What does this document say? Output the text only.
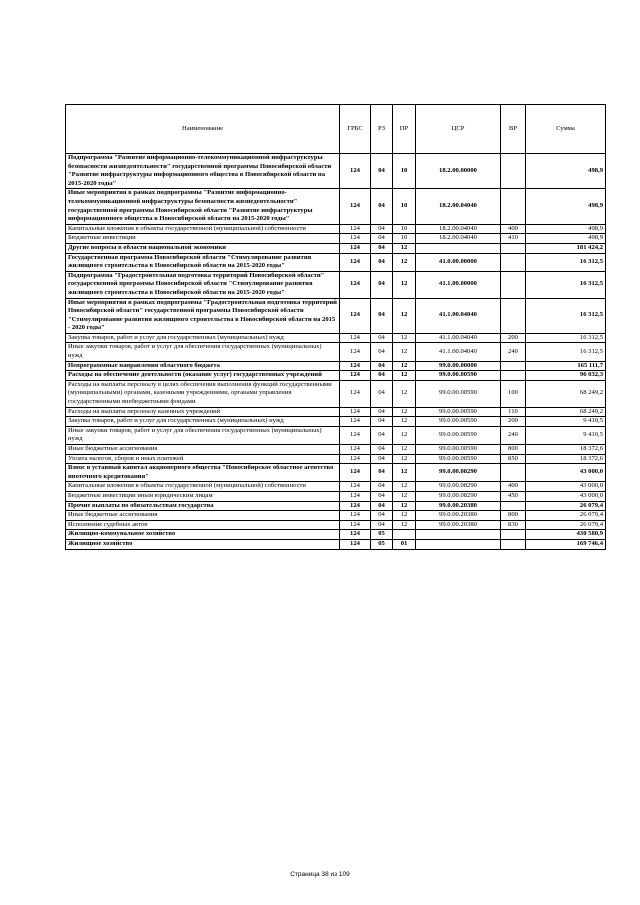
Наименование	ГРБС	РЗ	ПР	ЦСР	ВР	Сумма
Подпрограмма "Развитие информационно-телекоммуникационной инфраструктуры безопасности жизнедеятельности" государственной программы Новосибирской области "Развитие инфраструктуры информационного общества в Новосибирской области на 2015-2020 годы"	124	04	10	18.2.00.00000		498,9
Иные мероприятия в рамках подпрограммы "Развитие информационно-телекоммуникационной инфраструктуры безопасности жизнедеятельности" государственной программы Новосибирской области "Развитие инфраструктуры информационного общества в Новосибирской области на 2015-2020 годы"	124	04	10	18.2.00.04040		498,9
Капитальные вложения в объекты государственной (муниципальной) собственности	124	04	10	18.2.00.04040	400	498,9
Бюджетные инвестиции	124	04	10	18.2.00.04040	410	498,9
Другие вопросы в области национальной экономики	124	04	12			181 424,2
Государственная программа Новосибирской области "Стимулирование развития жилищного строительства в Новосибирской области на 2015-2020 годы"	124	04	12	41.0.00.00000		16 312,5
Подпрограмма "Градостроительная подготовка территорий Новосибирской области" государственной программы Новосибирской области "Стимулирование развития жилищного строительства в Новосибирской области на 2015-2020 годы"	124	04	12	41.1.00.00000		16 312,5
Иные мероприятия в рамках подпрограммы "Градостроительная подготовка территорий Новосибирской области" государственной программы Новосибирской области "Стимулирование развития жилищного строительства в Новосибирской области на 2015 - 2020 годы"	124	04	12	41.1.00.04040		16 312,5
Закупка товаров, работ и услуг для государственных (муниципальных) нужд	124	04	12	41.1.00.04040	200	16 312,5
Иные закупки товаров, работ и услуг для обеспечения государственных (муниципальных) нужд	124	04	12	41.1.00.04040	240	16 312,5
Непрограммные направления областного бюджета	124	04	12	99.0.00.00000		165 111,7
Расходы на обеспечение деятельности (оказание услуг) государственных учреждений	124	04	12	99.0.00.00590		96 032,3
Расходы на выплаты персоналу в целях обеспечения выполнения функций государственными (муниципальными) органами, казенными учреждениями, органами управления государственными внебюджетными фондами	124	04	12	99.0.00.00590	100	68 249,2
Расходы на выплаты персоналу казенных учреждений	124	04	12	99.0.00.00590	110	68 249,2
Закупка товаров, работ и услуг для государственных (муниципальных) нужд	124	04	12	99.0.00.00590	200	9 410,5
Иные закупки товаров, работ и услуг для обеспечения государственных (муниципальных) нужд	124	04	12	99.0.00.00590	240	9 410,5
Иные бюджетные ассигнования	124	04	12	99.0.00.00590	800	18 372,6
Уплата налогов, сборов и иных платежей	124	04	12	99.0.00.00590	850	18 372,6
Взнос в уставный капитал акционерного общества "Новосибирское областное агентство ипотечного кредитования"	124	04	12	99.0.00.08290		43 000,0
Капитальные вложения в объекты государственной (муниципальной) собственности	124	04	12	99.0.00.08290	400	43 000,0
Бюджетные инвестиции иным юридическим лицам	124	04	12	99.0.00.08290	450	43 000,0
Прочие выплаты по обязательствам государства	124	04	12	99.0.00.20380		26 079,4
Иные бюджетные ассигнования	124	04	12	99.0.00.20380	800	26 079,4
Исполнение судебных актов	124	04	12	99.0.00.20380	830	26 079,4
Жилищно-коммунальное хозяйство	124	05				430 580,9
Жилищное хозяйство	124	05	01			169 746,4
Страница 38 из 109
